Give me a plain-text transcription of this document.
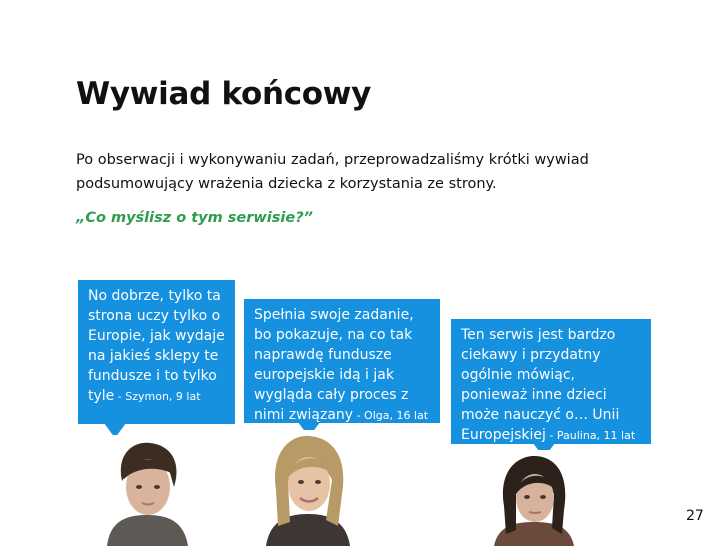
Wywiad końcowy
Po obserwacji i wykonywaniu zadań, przeprowadzaliśmy krótki wywiad podsumowujący wrażenia dziecka z korzystania ze strony.
„Co myślisz o tym serwisie?”
No dobrze, tylko ta strona uczy tylko o Europie, jak wydaje na jakieś sklepy te fundusze i to tylko tyle - Szymon, 9 lat
Spełnia swoje zadanie, bo pokazuje, na co tak naprawdę fundusze europejskie idą i jak wygląda cały proces z nimi związany - Olga, 16 lat
Ten serwis jest bardzo ciekawy i przydatny ogólnie mówiąc, ponieważ inne dzieci może nauczyć o… Unii Europejskiej - Paulina, 11 lat
27
